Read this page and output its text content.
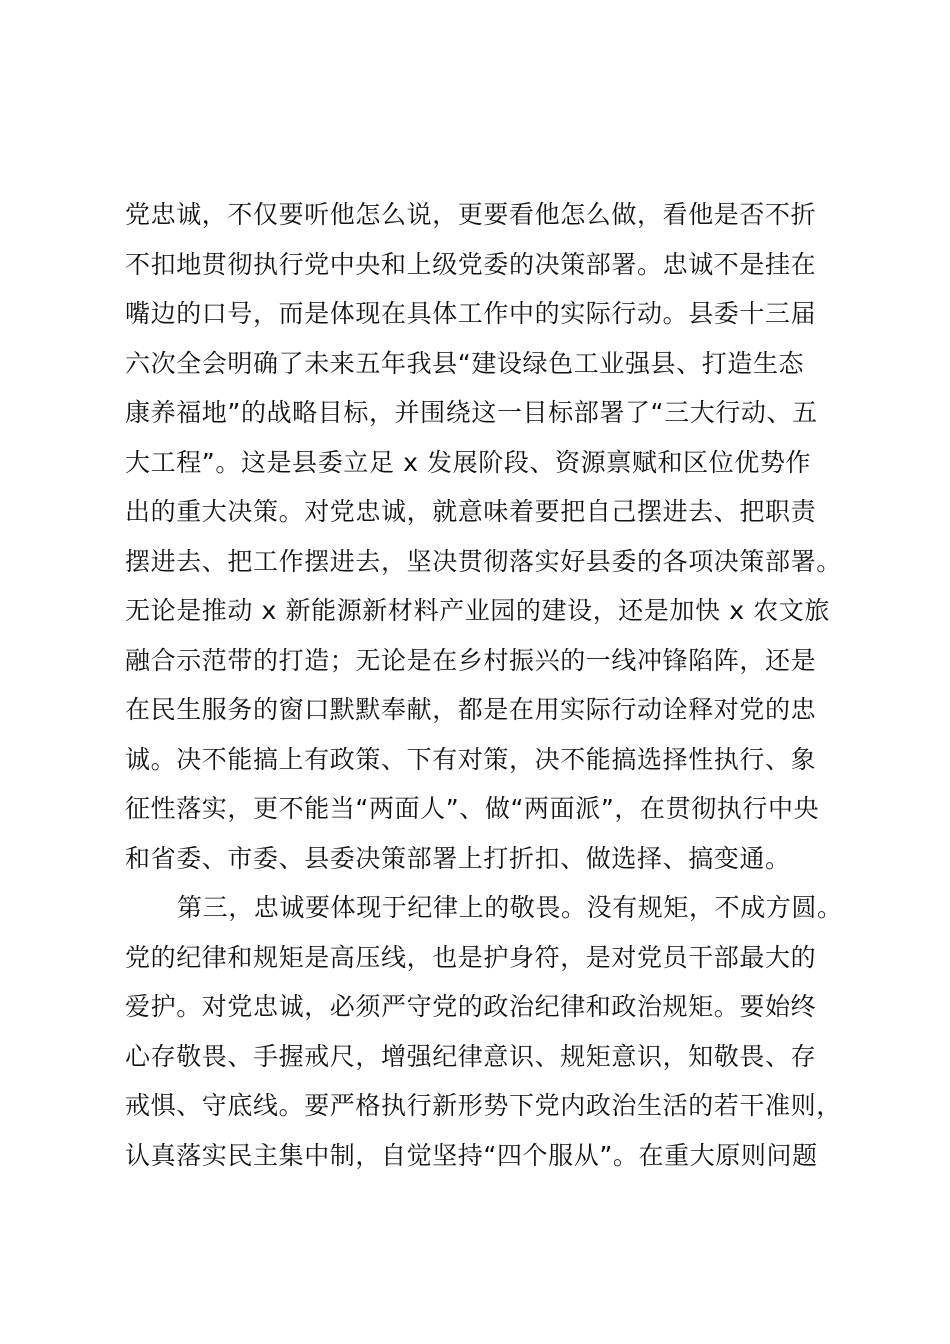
党忠诚，不仅要听他怎么说，更要看他怎么做，看他是否不折
不扣地贯彻执行党中央和上级党委的决策部署。忠诚不是挂在
嘴边的口号，而是体现在具体工作中的实际行动。县委十三届
六次全会明确了未来五年我县“建设绿色工业强县、打造生态
康养福地”的战略目标，并围绕这一目标部署了“三大行动、五
大工程”。这是县委立足 x 发展阶段、资源禀赋和区位优势作
出的重大决策。对党忠诚，就意味着要把自己摆进去、把职责
摆进去、把工作摆进去，坚决贯彻落实好县委的各项决策部署。
无论是推动 x 新能源新材料产业园的建设，还是加快 x 农文旅
融合示范带的打造；无论是在乡村振兴的一线冲锋陷阵，还是
在民生服务的窗口默默奉献，都是在用实际行动诠释对党的忠
诚。决不能搞上有政策、下有对策，决不能搞选择性执行、象
征性落实，更不能当“两面人”、做“两面派”，在贯彻执行中央
和省委、市委、县委决策部署上打折扣、做选择、搞变通。
第三，忠诚要体现于纪律上的敬畏。没有规矩，不成方圆。
党的纪律和规矩是高压线，也是护身符，是对党员干部最大的
爱护。对党忠诚，必须严守党的政治纪律和政治规矩。要始终
心存敬畏、手握戒尺，增强纪律意识、规矩意识，知敬畏、存
戒惧、守底线。要严格执行新形势下党内政治生活的若干准则，
认真落实民主集中制，自觉坚持“四个服从”。在重大原则问题
